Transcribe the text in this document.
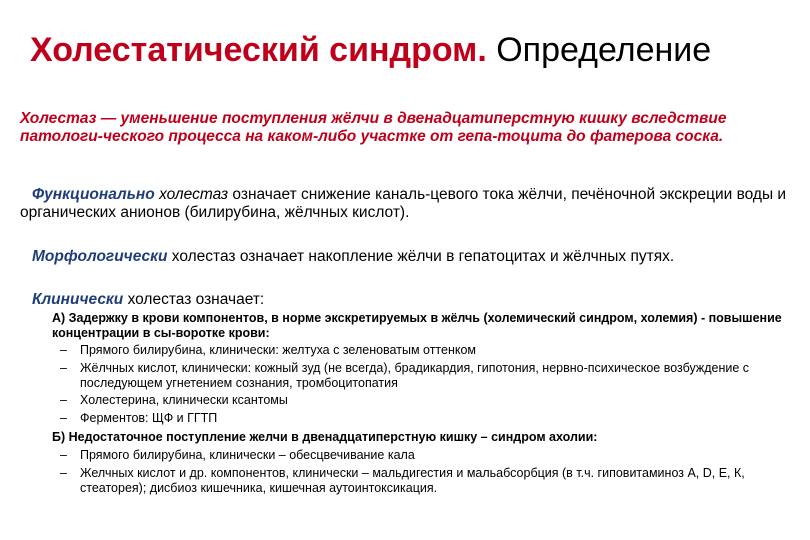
Холестатический синдром. Определение
Холестаз — уменьшение поступления жёлчи в двенадцатиперстную кишку вследствие патологи-ческого процесса на каком-либо участке от гепа-тоцита до фатерова соска.
Функционально холестаз означает снижение каналь-цевого тока жёлчи, печёночной экскреции воды и органических анионов (билирубина, жёлчных кислот).
Морфологически холестаз означает накопление жёлчи в гепатоцитах и жёлчных путях.
Клинически холестаз означает:
А) Задержку в крови компонентов, в норме экскретируемых в жёлчь (холемический синдром, холемия) - повышение концентрации в сы-воротке крови:
– Прямого билирубина, клинически: желтуха с зеленоватым оттенком
– Жёлчных кислот, клинически: кожный зуд (не всегда), брадикардия, гипотония, нервно-психическое возбуждение с последующем угнетением сознания, тромбоцитопатия
– Холестерина, клинически ксантомы
– Ферментов: ЩФ и ГГТП
Б) Недостаточное поступление желчи в двенадцатиперстную кишку – синдром ахолии:
– Прямого билирубина, клинически – обесцвечивание кала
– Желчных кислот и др. компонентов, клинически – мальдигестия и мальабсорбция (в т.ч. гиповитаминоз А, D, Е, К, стеаторея); дисбиоз кишечника, кишечная аутоинтоксикация.
